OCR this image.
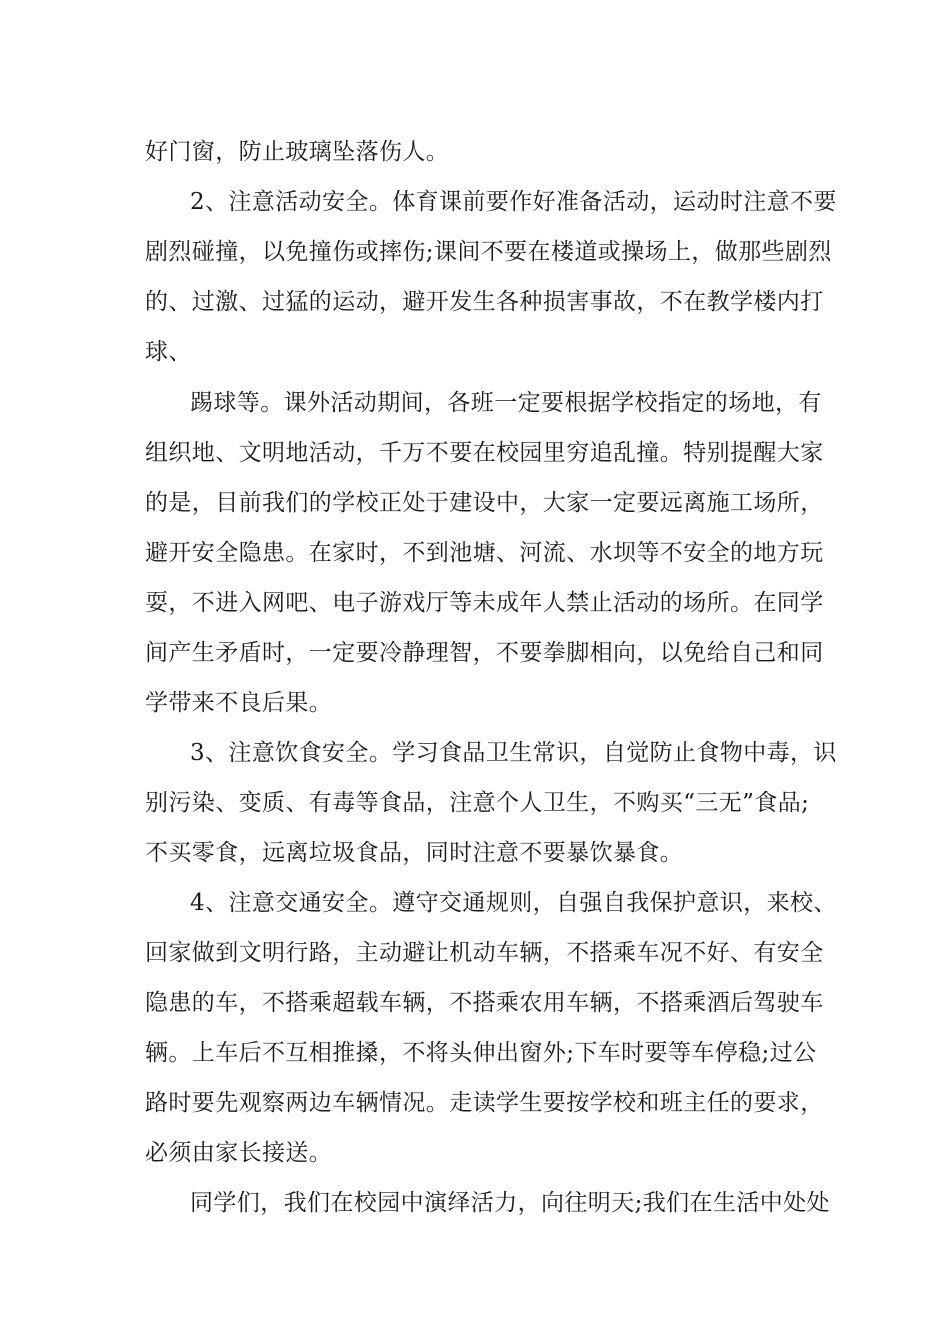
好门窗，防止玻璃坠落伤人。
2、注意活动安全。体育课前要作好准备活动，运动时注意不要
剧烈碰撞，以免撞伤或摔伤;课间不要在楼道或操场上，做那些剧烈
的、过激、过猛的运动，避开发生各种损害事故，不在教学楼内打
球、
踢球等。课外活动期间，各班一定要根据学校指定的场地，有
组织地、文明地活动，千万不要在校园里穷追乱撞。特别提醒大家
的是，目前我们的学校正处于建设中，大家一定要远离施工场所，
避开安全隐患。在家时，不到池塘、河流、水坝等不安全的地方玩
耍，不进入网吧、电子游戏厅等未成年人禁止活动的场所。在同学
间产生矛盾时，一定要冷静理智，不要拳脚相向，以免给自己和同
学带来不良后果。
3、注意饮食安全。学习食品卫生常识，自觉防止食物中毒，识
别污染、变质、有毒等食品，注意个人卫生，不购买“三无”食品;
不买零食，远离垃圾食品，同时注意不要暴饮暴食。
4、注意交通安全。遵守交通规则，自强自我保护意识，来校、
回家做到文明行路，主动避让机动车辆，不搭乘车况不好、有安全
隐患的车，不搭乘超载车辆，不搭乘农用车辆，不搭乘酒后驾驶车
辆。上车后不互相推搡，不将头伸出窗外;下车时要等车停稳;过公
路时要先观察两边车辆情况。走读学生要按学校和班主任的要求，
必须由家长接送。
同学们，我们在校园中演绎活力，向往明天;我们在生活中处处
